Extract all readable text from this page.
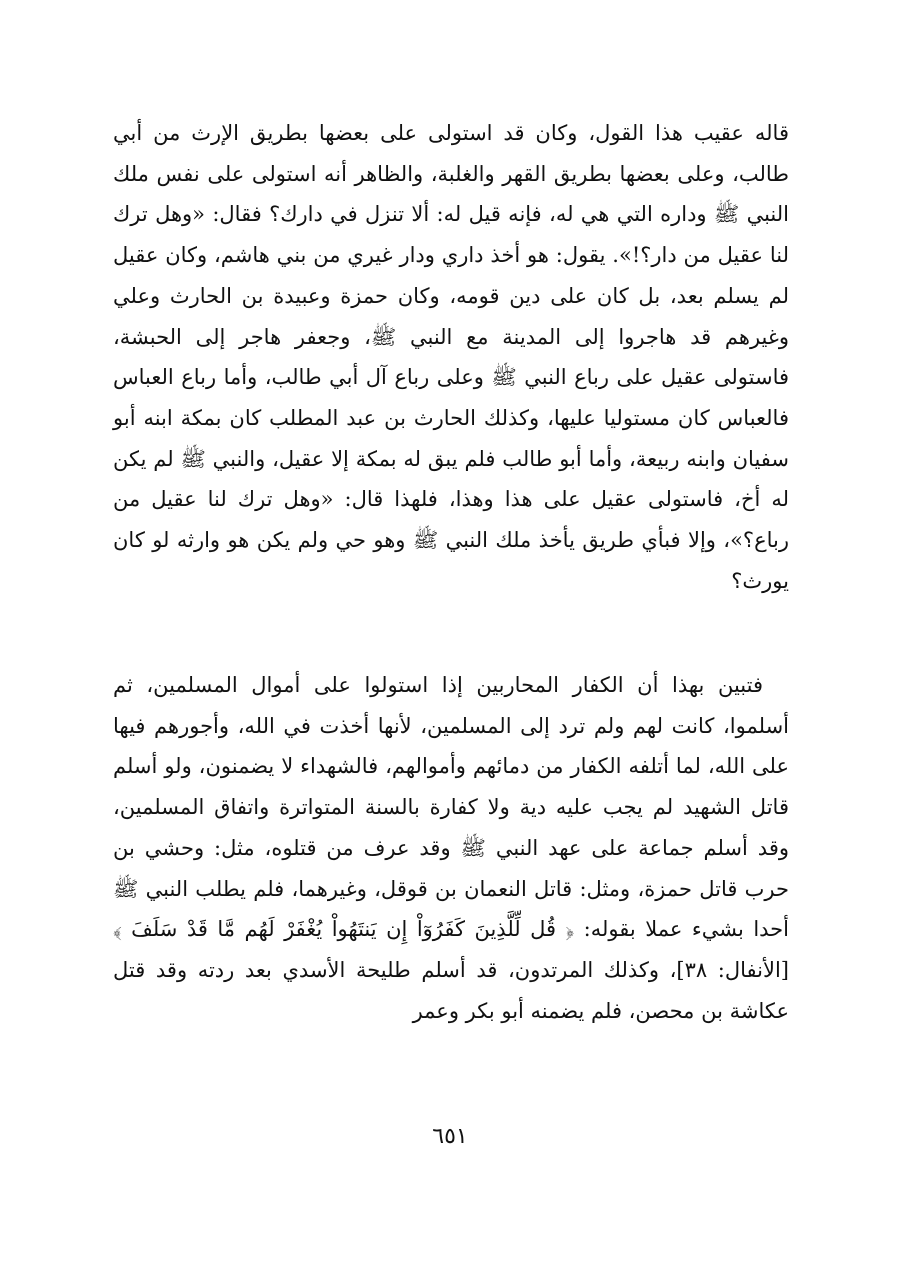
قاله عقيب هذا القول، وكان قد استولى على بعضها بطريق الإرث من أبي طالب، وعلى بعضها بطريق القهر والغلبة، والظاهر أنه استولى على نفس ملك النبي ﷺ وداره التي هي له، فإنه قيل له: ألا تنزل في دارك؟ فقال: «وهل ترك لنا عقيل من دار؟!». يقول: هو أخذ داري ودار غيري من بني هاشم، وكان عقيل لم يسلم بعد، بل كان على دين قومه، وكان حمزة وعبيدة بن الحارث وعلي وغيرهم قد هاجروا إلى المدينة مع النبي ﷺ، وجعفر هاجر إلى الحبشة، فاستولى عقيل على رباع النبي ﷺ وعلى رباع آل أبي طالب، وأما رباع العباس فالعباس كان مستوليا عليها، وكذلك الحارث بن عبد المطلب كان بمكة ابنه أبو سفيان وابنه ربيعة، وأما أبو طالب فلم يبق له بمكة إلا عقيل، والنبي ﷺ لم يكن له أخ، فاستولى عقيل على هذا وهذا، فلهذا قال: «وهل ترك لنا عقيل من رباع؟»، وإلا فبأي طريق يأخذ ملك النبي ﷺ وهو حي ولم يكن هو وارثه لو كان يورث؟

فتبين بهذا أن الكفار المحاربين إذا استولوا على أموال المسلمين، ثم أسلموا، كانت لهم ولم ترد إلى المسلمين، لأنها أخذت في الله، وأجورهم فيها على الله، لما أتلفه الكفار من دمائهم وأموالهم، فالشهداء لا يضمنون، ولو أسلم قاتل الشهيد لم يجب عليه دية ولا كفارة بالسنة المتواترة واتفاق المسلمين، وقد أسلم جماعة على عهد النبي ﷺ وقد عرف من قتلوه، مثل: وحشي بن حرب قاتل حمزة، ومثل: قاتل النعمان بن قوقل، وغيرهما، فلم يطلب النبي ﷺ أحدا بشيء عملا بقوله: ﴿ قُل لِّلَّذِينَ كَفَرُوٓاْ إِن يَنتَهُواْ يُغْفَرْ لَهُم مَّا قَدْ سَلَفَ ﴾ [الأنفال: ٣٨]، وكذلك المرتدون، قد أسلم طليحة الأسدي بعد ردته وقد قتل عكاشة بن محصن، فلم يضمنه أبو بكر وعمر

٦٥١
